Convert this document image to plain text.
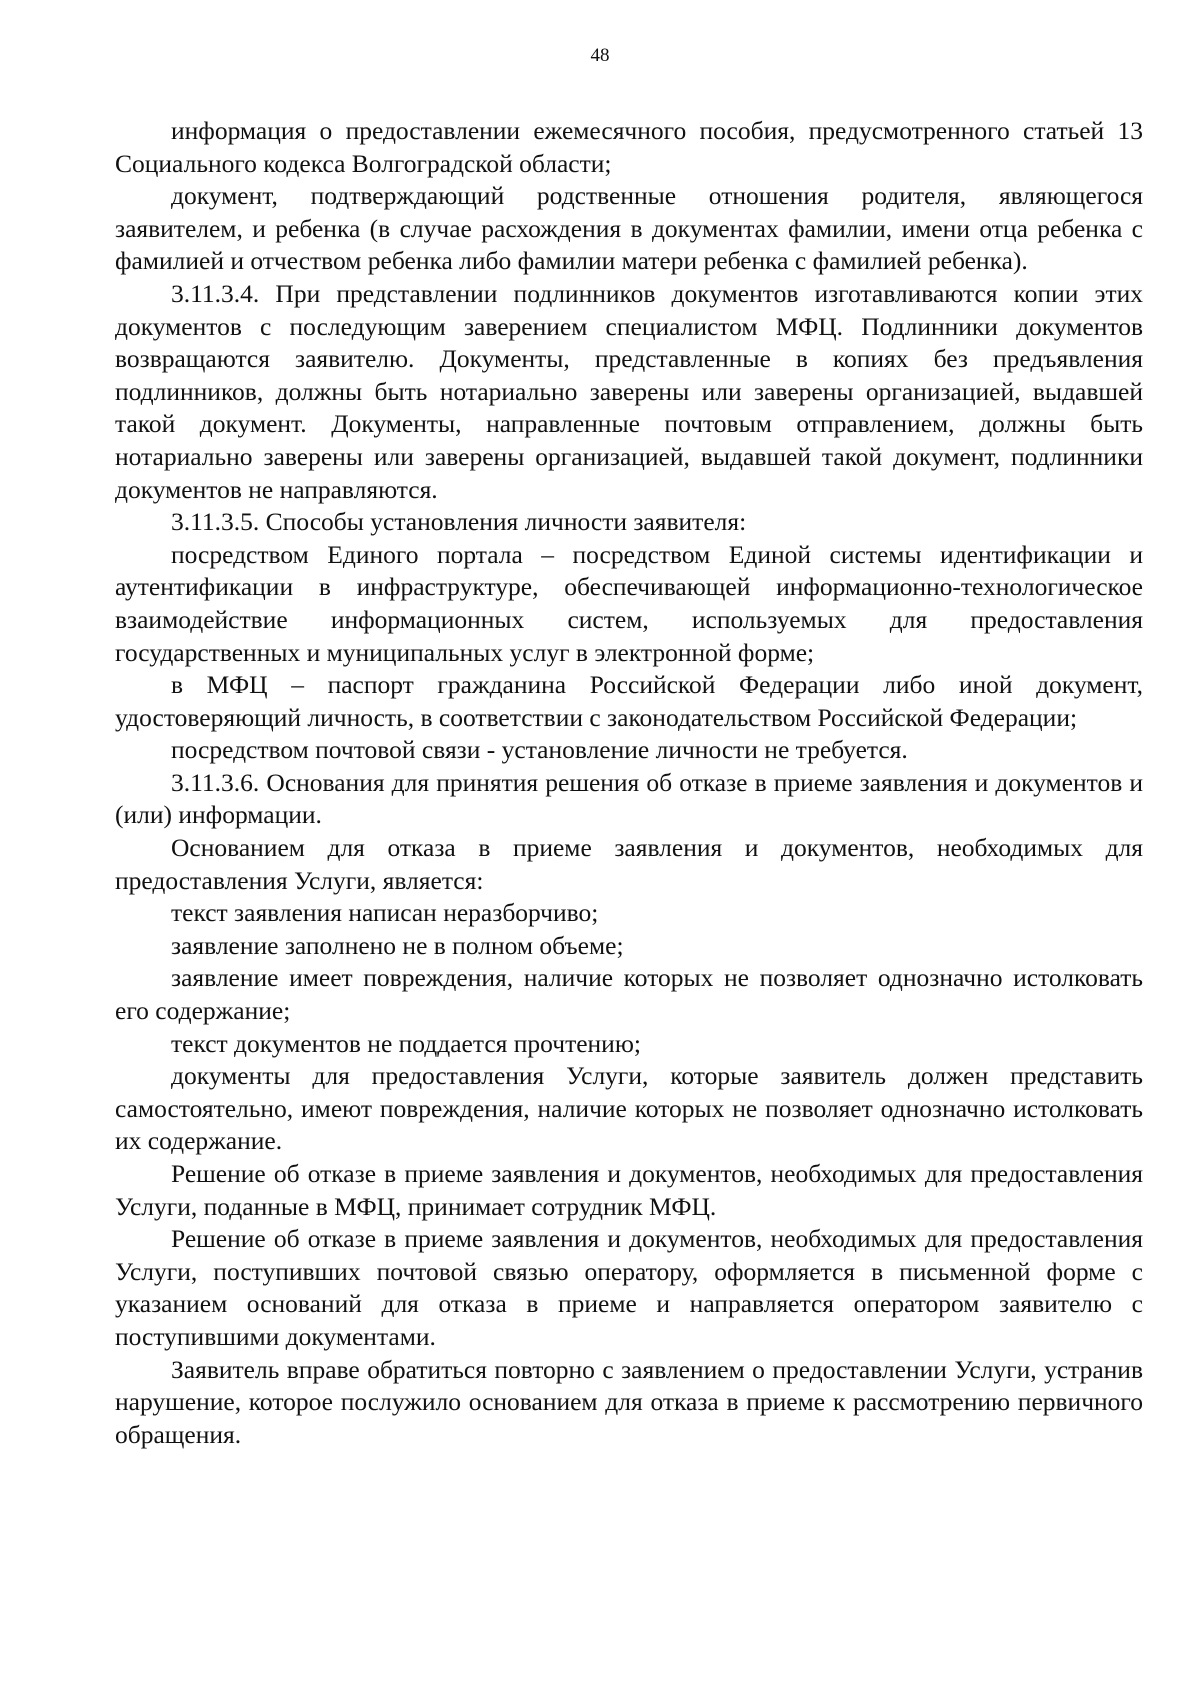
48

информация о предоставлении ежемесячного пособия, предусмотренного статьей 13 Социального кодекса Волгоградской области;

документ, подтверждающий родственные отношения родителя, являющегося заявителем, и ребенка (в случае расхождения в документах фамилии, имени отца ребенка с фамилией и отчеством ребенка либо фамилии матери ребенка с фамилией ребенка).

3.11.3.4. При представлении подлинников документов изготавливаются копии этих документов с последующим заверением специалистом МФЦ. Подлинники документов возвращаются заявителю. Документы, представленные в копиях без предъявления подлинников, должны быть нотариально заверены или заверены организацией, выдавшей такой документ. Документы, направленные почтовым отправлением, должны быть нотариально заверены или заверены организацией, выдавшей такой документ, подлинники документов не направляются.

3.11.3.5. Способы установления личности заявителя:

посредством Единого портала – посредством Единой системы идентификации и аутентификации в инфраструктуре, обеспечивающей информационно-технологическое взаимодействие информационных систем, используемых для предоставления государственных и муниципальных услуг в электронной форме;

в МФЦ – паспорт гражданина Российской Федерации либо иной документ, удостоверяющий личность, в соответствии с законодательством Российской Федерации;

посредством почтовой связи - установление личности не требуется.

3.11.3.6. Основания для принятия решения об отказе в приеме заявления и документов и (или) информации.

Основанием для отказа в приеме заявления и документов, необходимых для предоставления Услуги, является:

текст заявления написан неразборчиво;

заявление заполнено не в полном объеме;

заявление имеет повреждения, наличие которых не позволяет однозначно истолковать его содержание;

текст документов не поддается прочтению;

документы для предоставления Услуги, которые заявитель должен представить самостоятельно, имеют повреждения, наличие которых не позволяет однозначно истолковать их содержание.

Решение об отказе в приеме заявления и документов, необходимых для предоставления Услуги, поданные в МФЦ, принимает сотрудник МФЦ.

Решение об отказе в приеме заявления и документов, необходимых для предоставления Услуги, поступивших почтовой связью оператору, оформляется в письменной форме с указанием оснований для отказа в приеме и направляется оператором заявителю с поступившими документами.

Заявитель вправе обратиться повторно с заявлением о предоставлении Услуги, устранив нарушение, которое послужило основанием для отказа в приеме к рассмотрению первичного обращения.
